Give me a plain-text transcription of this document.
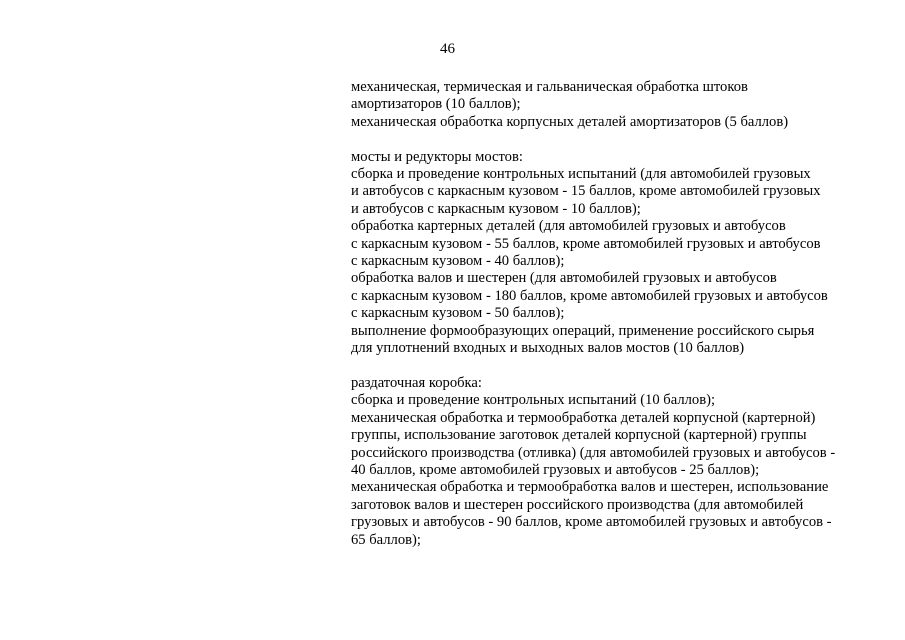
46
механическая, термическая и гальваническая обработка штоков
амортизаторов (10 баллов);
механическая обработка корпусных деталей амортизаторов (5 баллов)
мосты и редукторы мостов:
сборка и проведение контрольных испытаний (для автомобилей грузовых
и автобусов с каркасным кузовом - 15 баллов, кроме автомобилей грузовых
и автобусов с каркасным кузовом - 10 баллов);
обработка картерных деталей (для автомобилей грузовых и автобусов
с каркасным кузовом - 55 баллов, кроме автомобилей грузовых и автобусов
с каркасным кузовом - 40 баллов);
обработка валов и шестерен (для автомобилей грузовых и автобусов
с каркасным кузовом - 180 баллов, кроме автомобилей грузовых и автобусов
с каркасным кузовом - 50 баллов);
выполнение формообразующих операций, применение российского сырья
для уплотнений входных и выходных валов мостов (10 баллов)
раздаточная коробка:
сборка и проведение контрольных испытаний (10 баллов);
механическая обработка и термообработка деталей корпусной (картерной)
группы, использование заготовок деталей корпусной (картерной) группы
российского производства (отливка) (для автомобилей грузовых и автобусов -
40 баллов, кроме автомобилей грузовых и автобусов - 25 баллов);
механическая обработка и термообработка валов и шестерен, использование
заготовок валов и шестерен российского производства (для автомобилей
грузовых и автобусов - 90 баллов, кроме автомобилей грузовых и автобусов -
65 баллов);
